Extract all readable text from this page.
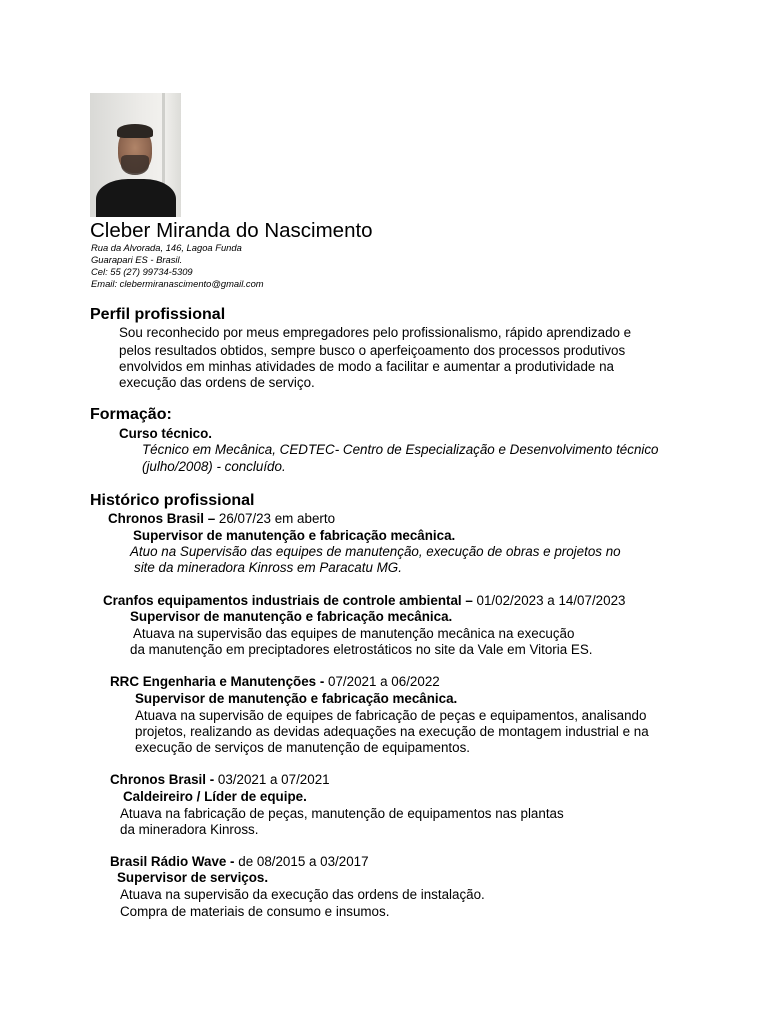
Cleber Miranda do Nascimento
Rua da Alvorada, 146, Lagoa Funda
Guarapari ES - Brasil.
Cel: 55 (27) 99734-5309
Email: clebermiranascimento@gmail.com
Perfil profissional
Sou reconhecido por meus empregadores pelo profissionalismo, rápido aprendizado e
pelos resultados obtidos, sempre busco o aperfeiçoamento dos processos produtivos
envolvidos em minhas atividades de modo a facilitar e aumentar a produtividade na
execução das ordens de serviço.
Formação:
Curso técnico.
Técnico em Mecânica, CEDTEC- Centro de Especialização e Desenvolvimento técnico
(julho/2008) - concluído.
Histórico profissional
Chronos Brasil – 26/07/23 em aberto
Supervisor de manutenção e fabricação mecânica.
Atuo na Supervisão das equipes de manutenção, execução de obras e projetos no
site da mineradora Kinross em Paracatu MG.
Cranfos equipamentos industriais de controle ambiental – 01/02/2023 a 14/07/2023
Supervisor de manutenção e fabricação mecânica.
Atuava na supervisão das equipes de manutenção mecânica na execução
da manutenção em preciptadores eletrostáticos no site da Vale em Vitoria ES.
RRC Engenharia e Manutenções - 07/2021 a 06/2022
Supervisor de manutenção e fabricação mecânica.
Atuava na supervisão de equipes de fabricação de peças e equipamentos, analisando
projetos, realizando as devidas adequações na execução de montagem industrial e na
execução de serviços de manutenção de equipamentos.
Chronos Brasil - 03/2021 a 07/2021
Caldeireiro / Líder de equipe.
Atuava na fabricação de peças, manutenção de equipamentos nas plantas
da mineradora Kinross.
Brasil Rádio Wave - de 08/2015 a 03/2017
Supervisor de serviços.
Atuava na supervisão da execução das ordens de instalação.
Compra de materiais de consumo e insumos.
